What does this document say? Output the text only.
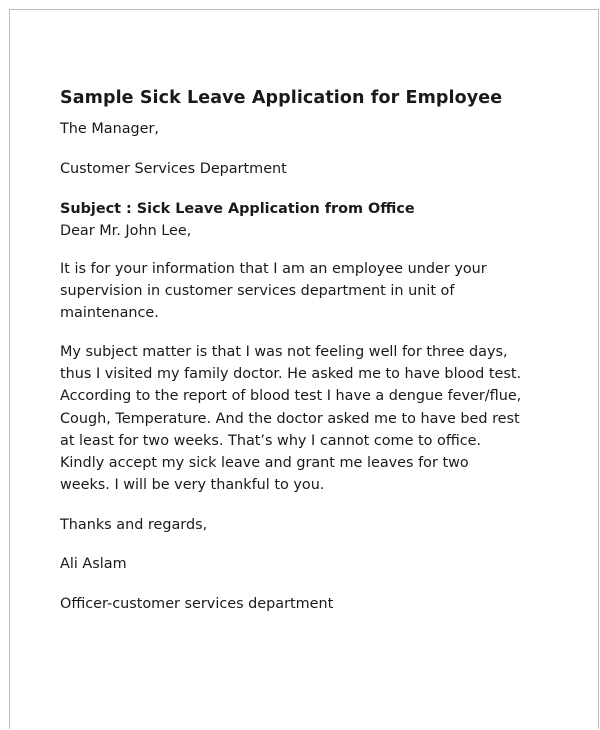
Sample Sick Leave Application for Employee
The Manager,
Customer Services Department
Subject : Sick Leave Application from Office
Dear Mr. John Lee,
It is for your information that I am an employee under your
supervision in customer services department in unit of
maintenance.
My subject matter is that I was not feeling well for three days,
thus I visited my family doctor. He asked me to have blood test.
According to the report of blood test I have a dengue fever/flue,
Cough, Temperature. And the doctor asked me to have bed rest
at least for two weeks. That’s why I cannot come to office.
Kindly accept my sick leave and grant me leaves for two
weeks. I will be very thankful to you.
Thanks and regards,
Ali Aslam
Officer-customer services department
